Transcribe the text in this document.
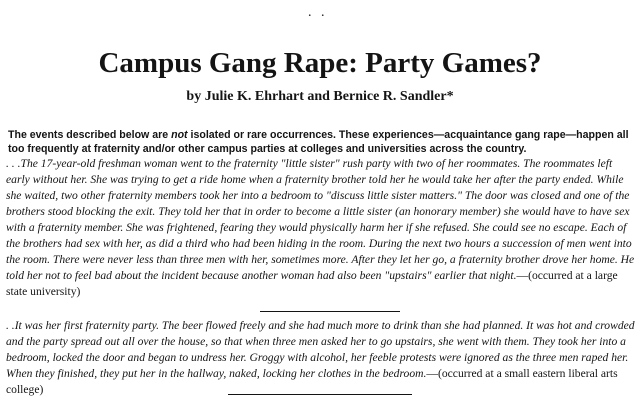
. .
Campus Gang Rape: Party Games?
by Julie K. Ehrhart and Bernice R. Sandler*
The events described below are not isolated or rare occurrences. These experiences—acquaintance gang rape—happen all too frequently at fraternity and/or other campus parties at colleges and universities across the country.
. . .The 17-year-old freshman woman went to the fraternity "little sister" rush party with two of her roommates. The roommates left early without her. She was trying to get a ride home when a fraternity brother told her he would take her after the party ended. While she waited, two other fraternity members took her into a bedroom to "discuss little sister matters." The door was closed and one of the brothers stood blocking the exit. They told her that in order to become a little sister (an honorary member) she would have to have sex with a fraternity member. She was frightened, fearing they would physically harm her if she refused. She could see no escape. Each of the brothers had sex with her, as did a third who had been hiding in the room. During the next two hours a succession of men went into the room. There were never less than three men with her, sometimes more. After they let her go, a fraternity brother drove her home. He told her not to feel bad about the incident because another woman had also been "upstairs" earlier that night.—(occurred at a large state university)
. .It was her first fraternity party. The beer flowed freely and she had much more to drink than she had planned. It was hot and crowded and the party spread out all over the house, so that when three men asked her to go upstairs, she went with them. They took her into a bedroom, locked the door and began to undress her. Groggy with alcohol, her feeble protests were ignored as the three men raped her. When they finished, they put her in the hallway, naked, locking her clothes in the bedroom.—(occurred at a small eastern liberal arts college)
